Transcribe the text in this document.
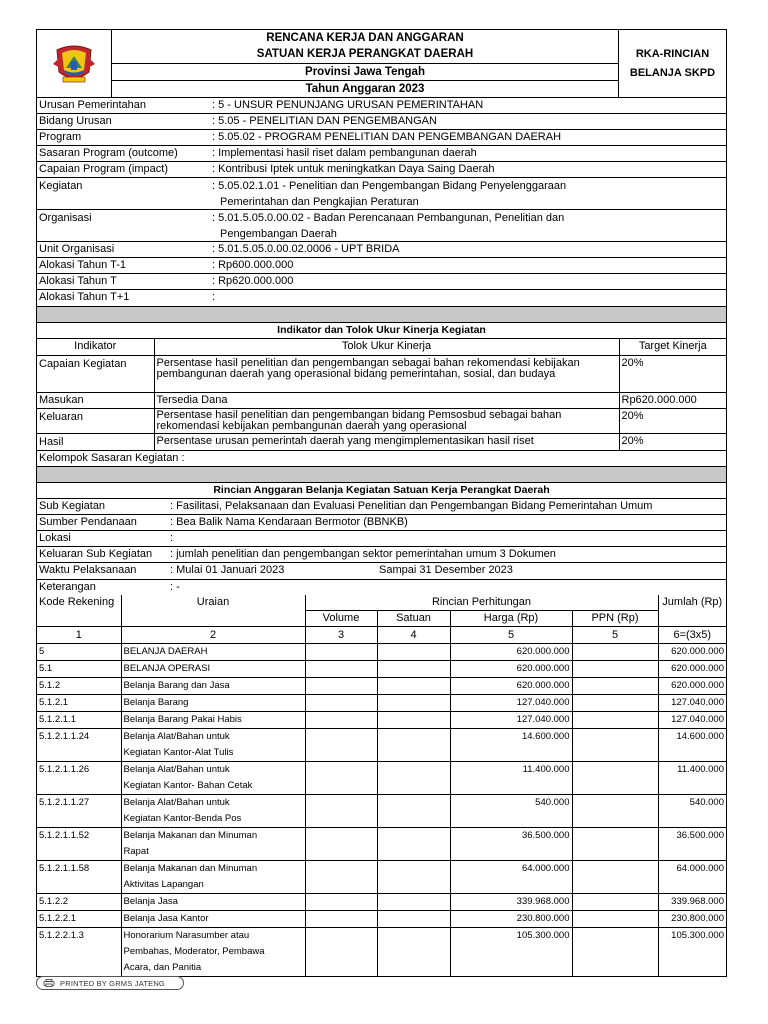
RENCANA KERJA DAN ANGGARAN
SATUAN KERJA PERANGKAT DAERAH
Provinsi Jawa Tengah
Tahun Anggaran 2023
RKA-RINCIAN
BELANJA SKPD
Urusan Pemerintahan	: 5 - UNSUR PENUNJANG URUSAN PEMERINTAHAN
Bidang Urusan	: 5.05 - PENELITIAN DAN PENGEMBANGAN
Program	: 5.05.02 - PROGRAM PENELITIAN DAN PENGEMBANGAN DAERAH
Sasaran Program (outcome)	: Implementasi hasil riset dalam pembangunan daerah
Capaian Program (impact)	: Kontribusi Iptek untuk meningkatkan Daya Saing Daerah
Kegiatan	: 5.05.02.1.01 - Penelitian dan Pengembangan Bidang Penyelenggaraan
Pemerintahan dan Pengkajian Peraturan
Organisasi	: 5.01.5.05.0.00.02 - Badan Perencanaan Pembangunan, Penelitian dan
Pengembangan Daerah
Unit Organisasi	: 5.01.5.05.0.00.02.0006 - UPT BRIDA
Alokasi Tahun T-1	: Rp600.000.000
Alokasi Tahun T	: Rp620.000.000
Alokasi Tahun T+1	:
Indikator dan Tolok Ukur Kinerja Kegiatan
Indikator	Tolok Ukur Kinerja	Target Kinerja
Capaian Kegiatan	Persentase hasil penelitian dan pengembangan sebagai bahan rekomendasi kebijakan pembangunan daerah yang operasional bidang pemerintahan, sosial, dan budaya	20%
Masukan	Tersedia Dana	Rp620.000.000
Keluaran	Persentase hasil penelitian dan pengembangan bidang Pemsosbud sebagai bahan rekomendasi kebijakan pembangunan daerah yang operasional	20%
Hasil	Persentase urusan pemerintah daerah yang mengimplementasikan hasil riset	20%
Kelompok Sasaran Kegiatan :
Rincian Anggaran Belanja Kegiatan Satuan Kerja Perangkat Daerah
Sub Kegiatan	: Fasilitasi, Pelaksanaan dan Evaluasi Penelitian dan Pengembangan Bidang Pemerintahan Umum
Sumber Pendanaan	: Bea Balik Nama Kendaraan Bermotor (BBNKB)
Lokasi	:
Keluaran Sub Kegiatan	: jumlah penelitian dan pengembangan sektor pemerintahan umum 3 Dokumen
Waktu Pelaksanaan	: Mulai 01 Januari 2023	Sampai 31 Desember 2023
Keterangan	: -
Kode Rekening	Uraian	Rincian Perhitungan				Jumlah (Rp)
		Volume	Satuan	Harga (Rp)	PPN (Rp)	
1	2	3	4	5	5	6=(3x5)
5	BELANJA DAERAH			620.000.000		620.000.000
5.1	BELANJA OPERASI			620.000.000		620.000.000
5.1.2	Belanja Barang dan Jasa			620.000.000		620.000.000
5.1.2.1	Belanja Barang			127.040.000		127.040.000
5.1.2.1.1	Belanja Barang Pakai Habis			127.040.000		127.040.000
5.1.2.1.1.24	Belanja Alat/Bahan untuk
Kegiatan Kantor-Alat Tulis			14.600.000		14.600.000
5.1.2.1.1.26	Belanja Alat/Bahan untuk
Kegiatan Kantor- Bahan Cetak			11.400.000		11.400.000
5.1.2.1.1.27	Belanja Alat/Bahan untuk
Kegiatan Kantor-Benda Pos			540.000		540.000
5.1.2.1.1.52	Belanja Makanan dan Minuman
Rapat			36.500.000		36.500.000
5.1.2.1.1.58	Belanja Makanan dan Minuman
Aktivitas Lapangan			64.000.000		64.000.000
5.1.2.2	Belanja Jasa			339.968.000		339.968.000
5.1.2.2.1	Belanja Jasa Kantor			230.800.000		230.800.000
5.1.2.2.1.3	Honorarium Narasumber atau
Pembahas, Moderator, Pembawa
Acara, dan Panitia			105.300.000		105.300.000
PRINTED BY GRMS JATENG
